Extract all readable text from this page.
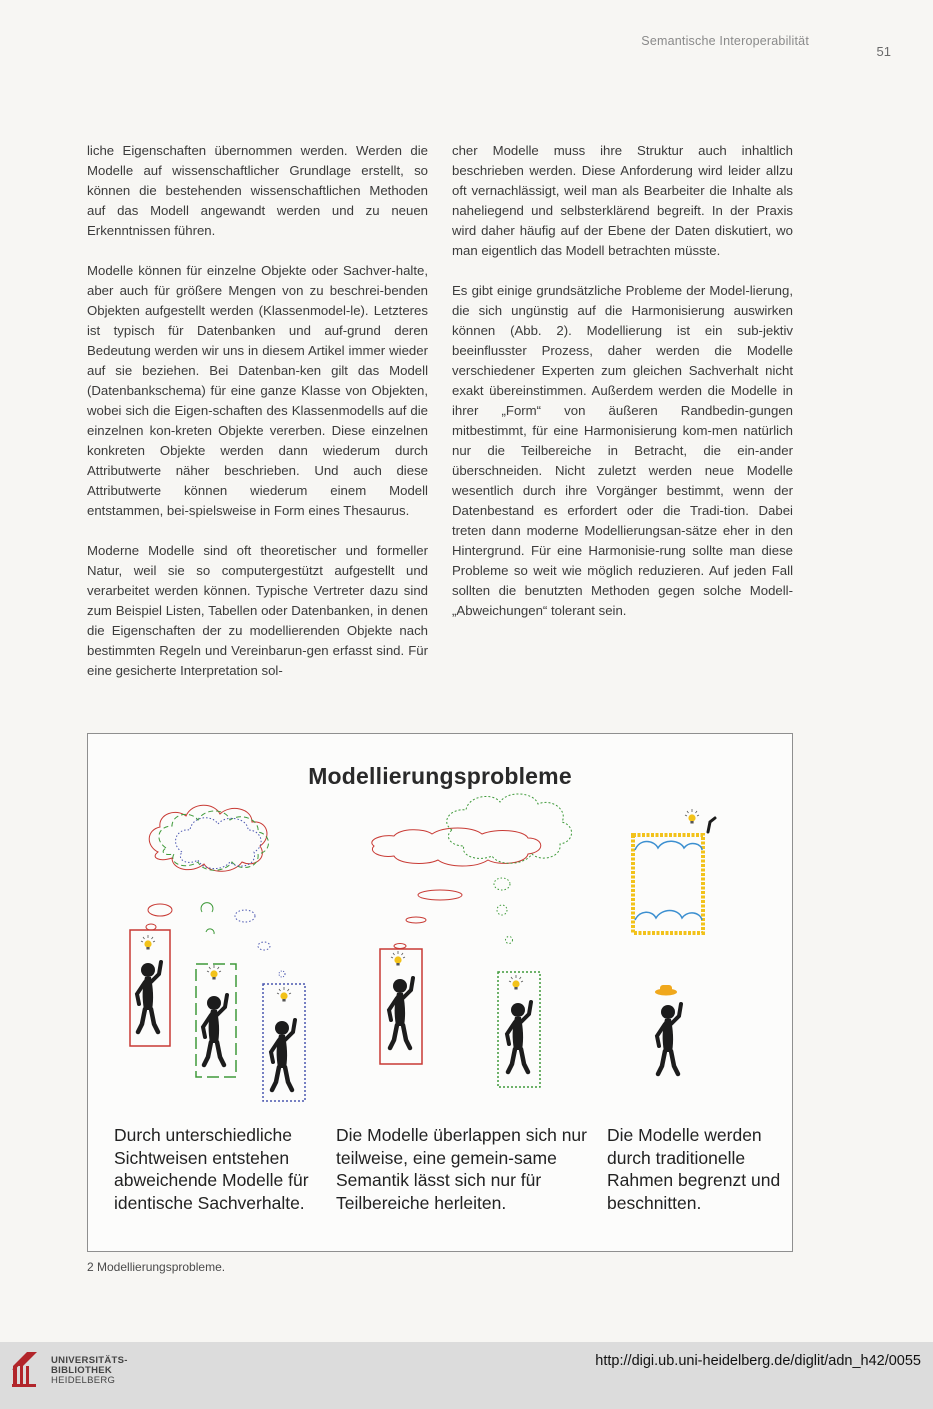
Semantische Interoperabilität
51

liche Eigenschaften übernommen werden. Werden die Modelle auf wissenschaftlicher Grundlage erstellt, so können die bestehenden wissenschaftlichen Methoden auf das Modell angewandt werden und zu neuen Erkenntnissen führen.

Modelle können für einzelne Objekte oder Sachver-halte, aber auch für größere Mengen von zu beschrei-benden Objekten aufgestellt werden (Klassenmodel-le). Letzteres ist typisch für Datenbanken und auf-grund deren Bedeutung werden wir uns in diesem Artikel immer wieder auf sie beziehen. Bei Datenban-ken gilt das Modell (Datenbankschema) für eine ganze Klasse von Objekten, wobei sich die Eigen-schaften des Klassenmodells auf die einzelnen kon-kreten Objekte vererben. Diese einzelnen konkreten Objekte werden dann wiederum durch Attributwerte näher beschrieben. Und auch diese Attributwerte können wiederum einem Modell entstammen, bei-spielsweise in Form eines Thesaurus.

Moderne Modelle sind oft theoretischer und formeller Natur, weil sie so computergestützt aufgestellt und verarbeitet werden können. Typische Vertreter dazu sind zum Beispiel Listen, Tabellen oder Datenbanken, in denen die Eigenschaften der zu modellierenden Objekte nach bestimmten Regeln und Vereinbarun-gen erfasst sind. Für eine gesicherte Interpretation sol-

cher Modelle muss ihre Struktur auch inhaltlich beschrieben werden. Diese Anforderung wird leider allzu oft vernachlässigt, weil man als Bearbeiter die Inhalte als naheliegend und selbsterklärend begreift. In der Praxis wird daher häufig auf der Ebene der Daten diskutiert, wo man eigentlich das Modell betrachten müsste.

Es gibt einige grundsätzliche Probleme der Model-lierung, die sich ungünstig auf die Harmonisierung auswirken können (Abb. 2). Modellierung ist ein sub-jektiv beeinflusster Prozess, daher werden die Modelle verschiedener Experten zum gleichen Sachverhalt nicht exakt übereinstimmen. Außerdem werden die Modelle in ihrer „Form“ von äußeren Randbedin-gungen mitbestimmt, für eine Harmonisierung kom-men natürlich nur die Teilbereiche in Betracht, die ein-ander überschneiden. Nicht zuletzt werden neue Modelle wesentlich durch ihre Vorgänger bestimmt, wenn der Datenbestand es erfordert oder die Tradi-tion. Dabei treten dann moderne Modellierungsan-sätze eher in den Hintergrund. Für eine Harmonisie-rung sollte man diese Probleme so weit wie möglich reduzieren. Auf jeden Fall sollten die benutzten Methoden gegen solche Modell-„Abweichungen“ tolerant sein.

Modellierungsprobleme
Durch unterschiedliche Sichtweisen entstehen abweichende Modelle für identische Sachverhalte.
Die Modelle überlappen sich nur teilweise, eine gemein-same Semantik lässt sich nur für Teilbereiche herleiten.
Die Modelle werden durch traditionelle Rahmen begrenzt und beschnitten.
2 Modellierungsprobleme.
UNIVERSITÄTS-
BIBLIOTHEK
HEIDELBERG
http://digi.ub.uni-heidelberg.de/diglit/adn_h42/0055
